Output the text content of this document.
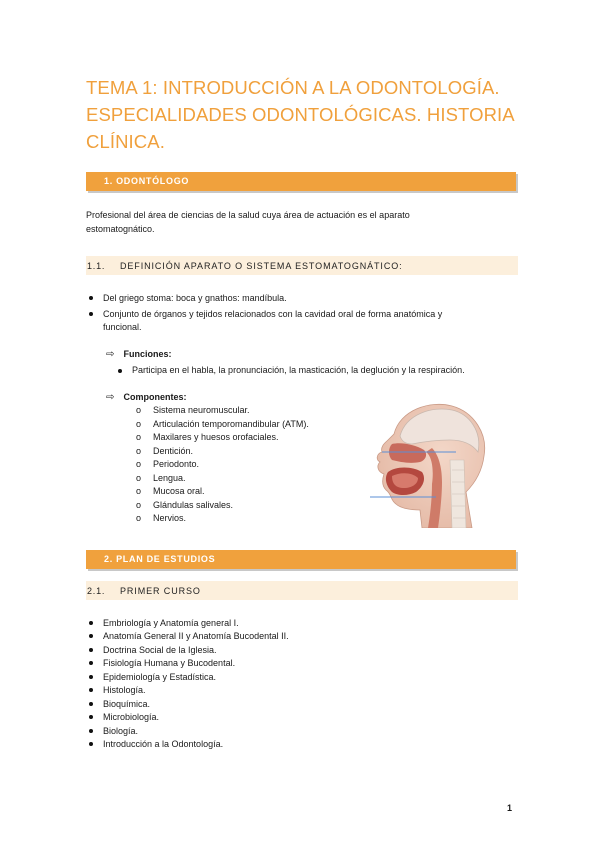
TEMA 1: INTRODUCCIÓN A LA ODONTOLOGÍA.
ESPECIALIDADES ODONTOLÓGICAS. HISTORIA
CLÍNICA.
1. ODONTÓLOGO
Profesional del área de ciencias de la salud cuya área de actuación es el aparato
estomatognático.
1.1. DEFINICIÓN APARATO O SISTEMA ESTOMATOGNÁTICO:
Del griego stoma: boca y gnathos: mandíbula.
Conjunto de órganos y tejidos relacionados con la cavidad oral de forma anatómica y
funcional.
⇨ Funciones:
Participa en el habla, la pronunciación, la masticación, la deglución y la respiración.
⇨ Componentes:
o Sistema neuromuscular.
o Articulación temporomandibular (ATM).
o Maxilares y huesos orofaciales.
o Dentición.
o Periodonto.
o Lengua.
o Mucosa oral.
o Glándulas salivales.
o Nervios.
2. PLAN DE ESTUDIOS
2.1. PRIMER CURSO
Embriología y Anatomía general I.
Anatomía General II y Anatomía Bucodental II.
Doctrina Social de la Iglesia.
Fisiología Humana y Bucodental.
Epidemiología y Estadística.
Histología.
Bioquímica.
Microbiología.
Biología.
Introducción a la Odontología.
1
